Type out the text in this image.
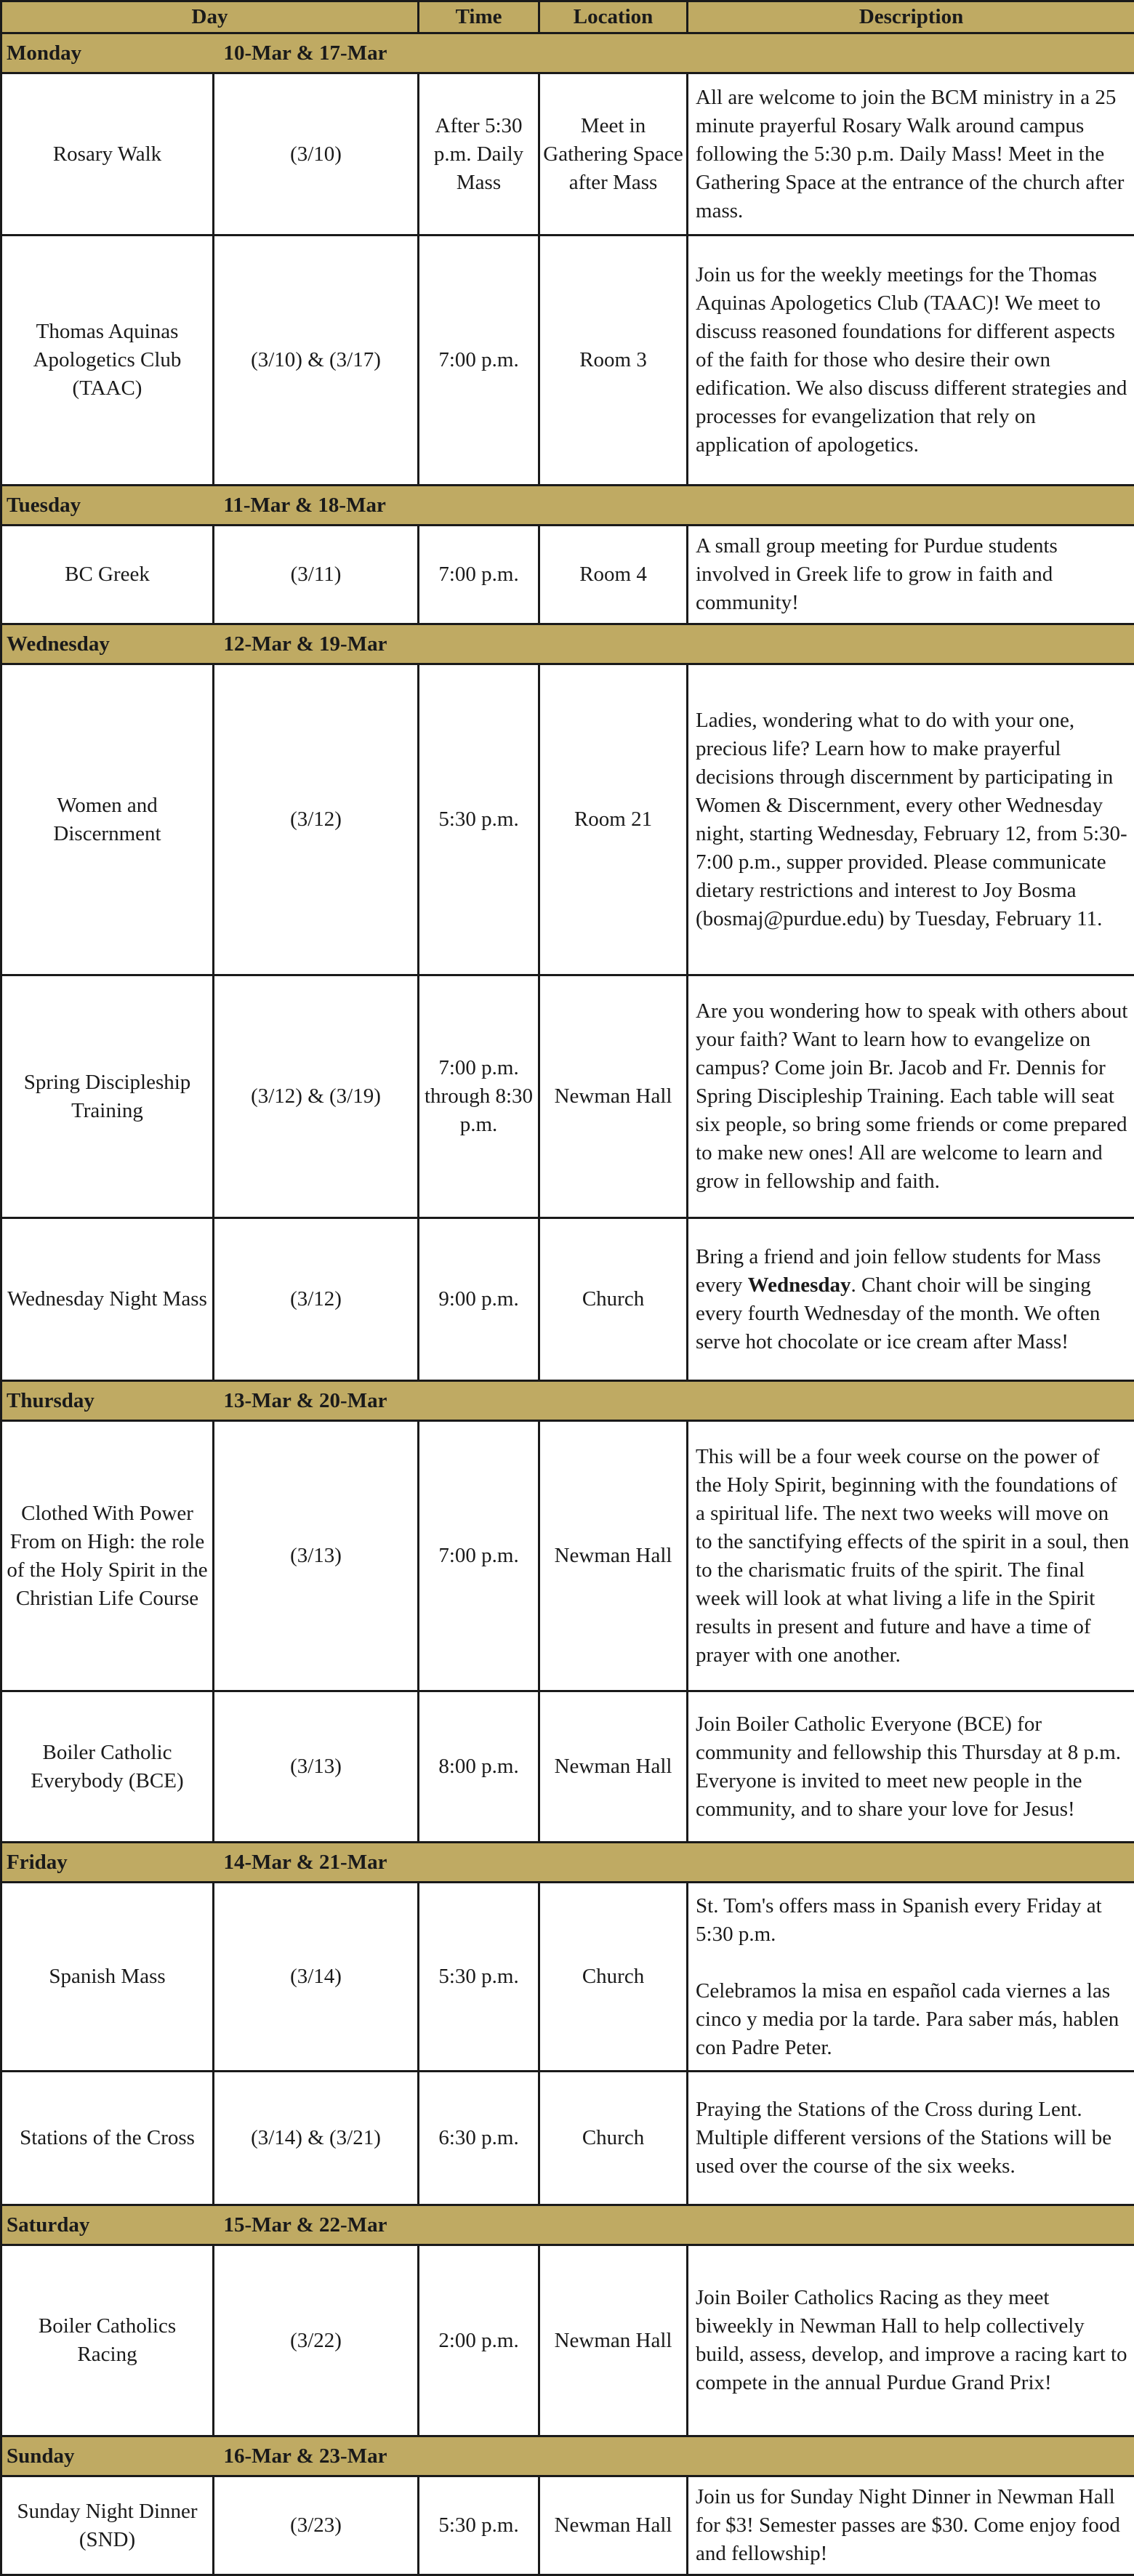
Day		Time	Location	Description
Monday	10-Mar & 17-Mar			
Rosary Walk	(3/10)	After 5:30 p.m. Daily Mass	Meet in Gathering Space after Mass	All are welcome to join the BCM ministry in a 25 minute prayerful Rosary Walk around campus following the 5:30 p.m. Daily Mass! Meet in the Gathering Space at the entrance of the church after mass.
Thomas Aquinas Apologetics Club (TAAC)	(3/10) & (3/17)	7:00 p.m.	Room 3	Join us for the weekly meetings for the Thomas Aquinas Apologetics Club (TAAC)! We meet to discuss reasoned foundations for different aspects of the faith for those who desire their own edification. We also discuss different strategies and processes for evangelization that rely on application of apologetics.
Tuesday	11-Mar & 18-Mar			
BC Greek	(3/11)	7:00 p.m.	Room 4	A small group meeting for Purdue students involved in Greek life to grow in faith and community!
Wednesday	12-Mar & 19-Mar			
Women and Discernment	(3/12)	5:30 p.m.	Room 21	Ladies, wondering what to do with your one, precious life? Learn how to make prayerful decisions through discernment by participating in Women & Discernment, every other Wednesday night, starting Wednesday, February 12, from 5:30-7:00 p.m., supper provided. Please communicate dietary restrictions and interest to Joy Bosma (bosmaj@purdue.edu) by Tuesday, February 11.
Spring Discipleship Training	(3/12) & (3/19)	7:00 p.m. through 8:30 p.m.	Newman Hall	Are you wondering how to speak with others about your faith? Want to learn how to evangelize on campus? Come join Br. Jacob and Fr. Dennis for Spring Discipleship Training. Each table will seat six people, so bring some friends or come prepared to make new ones! All are welcome to learn and grow in fellowship and faith.
Wednesday Night Mass	(3/12)	9:00 p.m.	Church	Bring a friend and join fellow students for Mass every Wednesday. Chant choir will be singing every fourth Wednesday of the month. We often serve hot chocolate or ice cream after Mass!
Thursday	13-Mar & 20-Mar			
Clothed With Power From on High: the role of the Holy Spirit in the Christian Life Course	(3/13)	7:00 p.m.	Newman Hall	This will be a four week course on the power of the Holy Spirit, beginning with the foundations of a spiritual life. The next two weeks will move on to the sanctifying effects of the spirit in a soul, then to the charismatic fruits of the spirit. The final week will look at what living a life in the Spirit results in present and future and have a time of prayer with one another.
Boiler Catholic Everybody (BCE)	(3/13)	8:00 p.m.	Newman Hall	Join Boiler Catholic Everyone (BCE) for community and fellowship this Thursday at 8 p.m. Everyone is invited to meet new people in the community, and to share your love for Jesus!
Friday	14-Mar & 21-Mar			
Spanish Mass	(3/14)	5:30 p.m.	Church	St. Tom's offers mass in Spanish every Friday at 5:30 p.m.
Celebramos la misa en español cada viernes a las cinco y media por la tarde. Para saber más, hablen con Padre Peter.

Stations of the Cross	(3/14) & (3/21)	6:30 p.m.	Church	Praying the Stations of the Cross during Lent. Multiple different versions of the Stations will be used over the course of the six weeks.
Saturday	15-Mar & 22-Mar			
Boiler Catholics Racing	(3/22)	2:00 p.m.	Newman Hall	Join Boiler Catholics Racing as they meet biweekly in Newman Hall to help collectively build, assess, develop, and improve a racing kart to compete in the annual Purdue Grand Prix!
Sunday	16-Mar & 23-Mar			
Sunday Night Dinner (SND)	(3/23)	5:30 p.m.	Newman Hall	Join us for Sunday Night Dinner in Newman Hall for $3! Semester passes are $30. Come enjoy food and fellowship!
